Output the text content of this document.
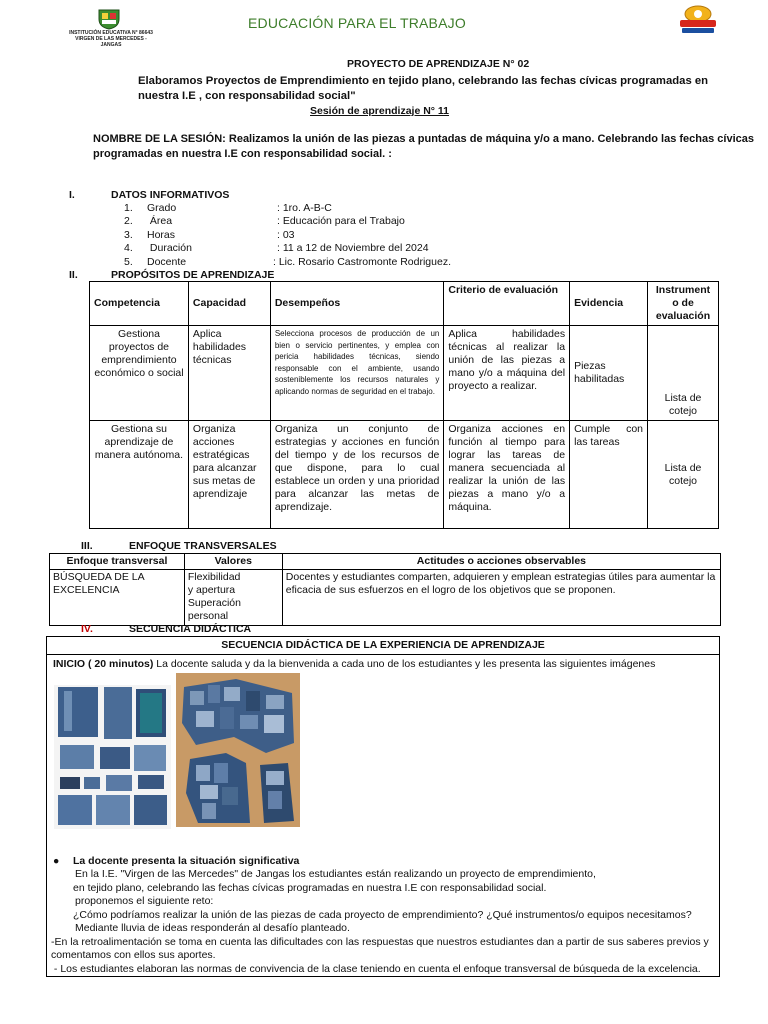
INSTITUCIÓN EDUCATIVA N° 86643
VIRGEN DE LAS MERCEDES - JANGAS
EDUCACIÓN PARA EL TRABAJO
PROYECTO DE APRENDIZAJE N° 02
Elaboramos Proyectos de Emprendimiento en tejido plano, celebrando las fechas cívicas programadas en
nuestra I.E , con responsabilidad social"
Sesión de aprendizaje N° 11
NOMBRE DE LA SESIÓN: Realizamos la unión de las piezas a puntadas de máquina y/o a mano. Celebrando las fechas cívicas
programadas en nuestra I.E con responsabilidad social. :
I.	DATOS INFORMATIVOS
1. Grado	: 1ro. A-B-C
2. Área	: Educación para el Trabajo
3. Horas	: 03
4. Duración	: 11 a 12 de Noviembre del 2024
5. Docente	: Lic. Rosario Castromonte Rodriguez.
II.	PROPÓSITOS DE APRENDIZAJE
Competencia	Capacidad	Desempeños	Criterio de evaluación	Evidencia	Instrument o de evaluación
Gestiona proyectos de emprendimiento económico o social	Aplica habilidades técnicas	Selecciona procesos de producción de un bien o servicio pertinentes, y emplea con pericia habilidades técnicas, siendo responsable con el ambiente, usando sosteniblemente los recursos naturales y aplicando normas de seguridad en el trabajo.	Aplica habilidades técnicas al realizar la unión de las piezas a mano y/o a máquina del proyecto a realizar.	Piezas habilitadas	Lista de cotejo
Gestiona su aprendizaje de manera autónoma.	Organiza acciones estratégicas para alcanzar sus metas de aprendizaje	Organiza un conjunto de estrategias y acciones en función del tiempo y de los recursos de que dispone, para lo cual establece un orden y una prioridad para alcanzar las metas de aprendizaje.	Organiza acciones en función al tiempo para lograr las tareas de manera secuenciada al realizar la unión de las piezas a mano y/o a máquina.	Cumple con las tareas	Lista de cotejo
III.	ENFOQUE TRANSVERSALES
Enfoque transversal	Valores	Actitudes o acciones observables
BÚSQUEDA DE LA EXCELENCIA	Flexibilidad
y apertura
Superación
personal	Docentes y estudiantes comparten, adquieren y emplean estrategias útiles para aumentar la eficacia de sus esfuerzos en el logro de los objetivos que se proponen.
IV.	SECUENCIA DIDÁCTICA
SECUENCIA DIDÁCTICA DE LA EXPERIENCIA DE APRENDIZAJE
INICIO ( 20 minutos) La docente saluda y da la bienvenida a cada uno de los estudiantes y les presenta las siguientes imágenes
● La docente presenta la situación significativa
En la I.E. "Virgen de las Mercedes" de Jangas los estudiantes están realizando un proyecto de emprendimiento,
en tejido plano, celebrando las fechas cívicas programadas en nuestra I.E con responsabilidad social.
proponemos el siguiente reto:
¿Cómo podríamos realizar la unión de las piezas de cada proyecto de emprendimiento? ¿Qué instrumentos/o equipos necesitamos?
Mediante lluvia de ideas responderán al desafío planteado.
-En la retroalimentación se toma en cuenta las dificultades con las respuestas que nuestros estudiantes dan a partir de sus saberes previos y
comentamos con ellos sus aportes.
- Los estudiantes elaboran las normas de convivencia de la clase teniendo en cuenta el enfoque transversal de búsqueda de la excelencia.
